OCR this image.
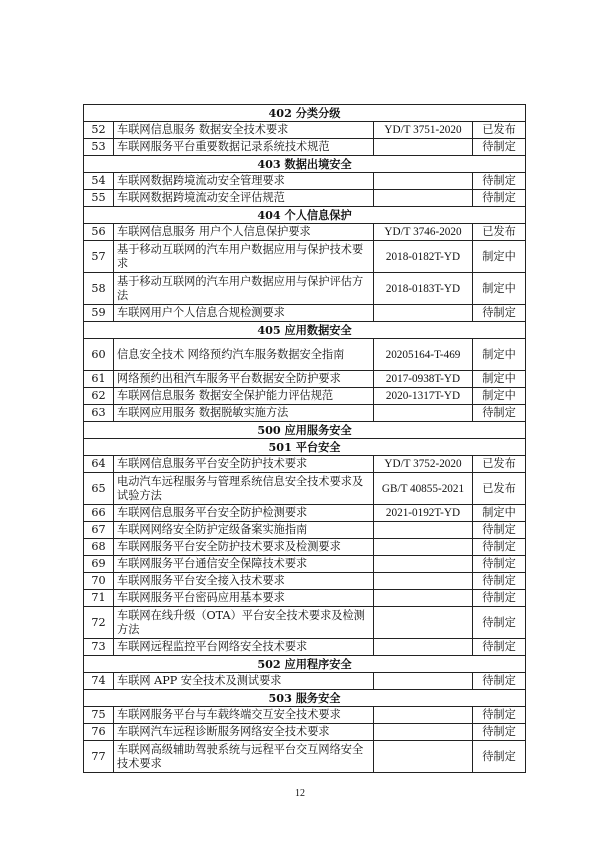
402 分类分级			
52	车联网信息服务 数据安全技术要求	YD/T 3751-2020	已发布
53	车联网服务平台重要数据记录系统技术规范		待制定
403 数据出境安全			
54	车联网数据跨境流动安全管理要求		待制定
55	车联网数据跨境流动安全评估规范		待制定
404 个人信息保护			
56	车联网信息服务 用户个人信息保护要求	YD/T 3746-2020	已发布
57	基于移动互联网的汽车用户数据应用与保护技术要求	2018-0182T-YD	制定中
58	基于移动互联网的汽车用户数据应用与保护评估方法	2018-0183T-YD	制定中
59	车联网用户个人信息合规检测要求		待制定
405 应用数据安全			
60	信息安全技术 网络预约汽车服务数据安全指南	20205164-T-469	制定中
61	网络预约出租汽车服务平台数据安全防护要求	2017-0938T-YD	制定中
62	车联网信息服务 数据安全保护能力评估规范	2020-1317T-YD	制定中
63	车联网应用服务 数据脱敏实施方法		待制定
500 应用服务安全			
501 平台安全			
64	车联网信息服务平台安全防护技术要求	YD/T 3752-2020	已发布
65	电动汽车远程服务与管理系统信息安全技术要求及试验方法	GB/T 40855-2021	已发布
66	车联网信息服务平台安全防护检测要求	2021-0192T-YD	制定中
67	车联网网络安全防护定级备案实施指南		待制定
68	车联网服务平台安全防护技术要求及检测要求		待制定
69	车联网服务平台通信安全保障技术要求		待制定
70	车联网服务平台安全接入技术要求		待制定
71	车联网服务平台密码应用基本要求		待制定
72	车联网在线升级（OTA）平台安全技术要求及检测方法		待制定
73	车联网远程监控平台网络安全技术要求		待制定
502 应用程序安全			
74	车联网 APP 安全技术及测试要求		待制定
503 服务安全			
75	车联网服务平台与车载终端交互安全技术要求		待制定
76	车联网汽车远程诊断服务网络安全技术要求		待制定
77	车联网高级辅助驾驶系统与远程平台交互网络安全技术要求		待制定
12
